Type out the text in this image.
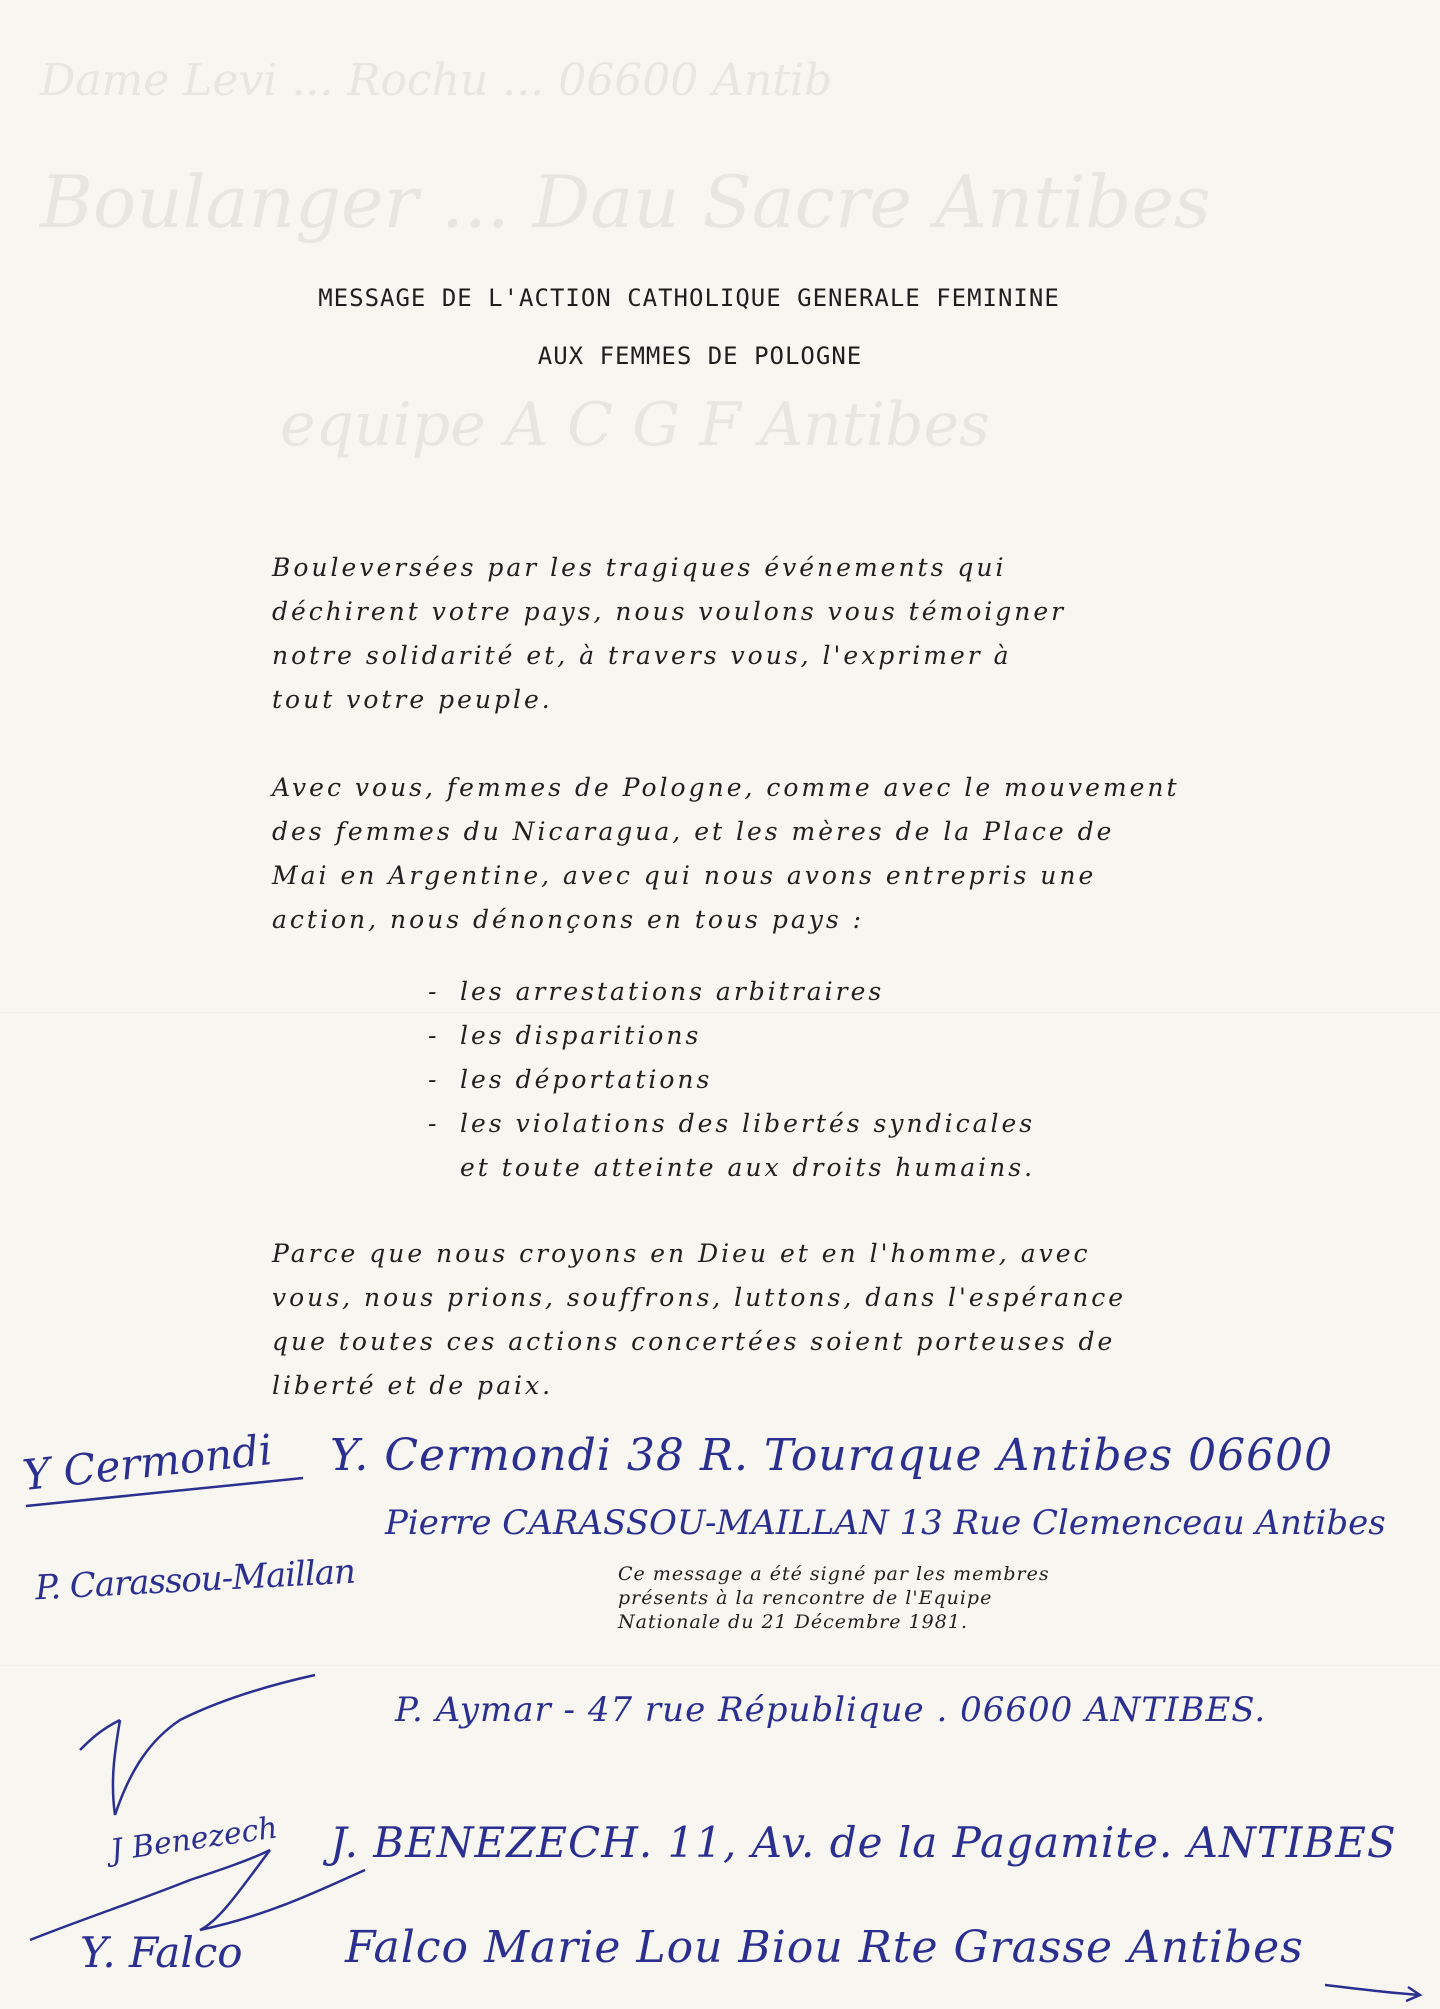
Dame Levi ... Rochu ... 06600 Antib
Boulanger ... Dau Sacre Antibes
equipe A C G F Antibes
MESSAGE DE L'ACTION CATHOLIQUE GENERALE FEMININE
AUX FEMMES DE POLOGNE
Bouleversées par les tragiques événements qui
déchirent votre pays, nous voulons vous témoigner
notre solidarité et, à travers vous, l'exprimer à
tout votre peuple.
Avec vous, femmes de Pologne, comme avec le mouvement
des femmes du Nicaragua, et les mères de la Place de
Mai en Argentine, avec qui nous avons entrepris une
action, nous dénonçons en tous pays :
- les arrestations arbitraires
- les disparitions
- les déportations
- les violations des libertés syndicales
et toute atteinte aux droits humains.
Parce que nous croyons en Dieu et en l'homme, avec
vous, nous prions, souffrons, luttons, dans l'espérance
que toutes ces actions concertées soient porteuses de
liberté et de paix.
Ce message a été signé par les membres
présents à la rencontre de l'Equipe
Nationale du 21 Décembre 1981.
Y. Cermondi 38 R. Touraque Antibes 06600
Pierre CARASSOU-MAILLAN 13 Rue Clemenceau Antibes
P. Aymar - 47 rue République . 06600 ANTIBES.
J. BENEZECH. 11, Av. de la Pagamite. ANTIBES
Falco Marie Lou Biou Rte Grasse Antibes
Y Cermondi
P. Carassou-Maillan
J Benezech
Y. Falco
